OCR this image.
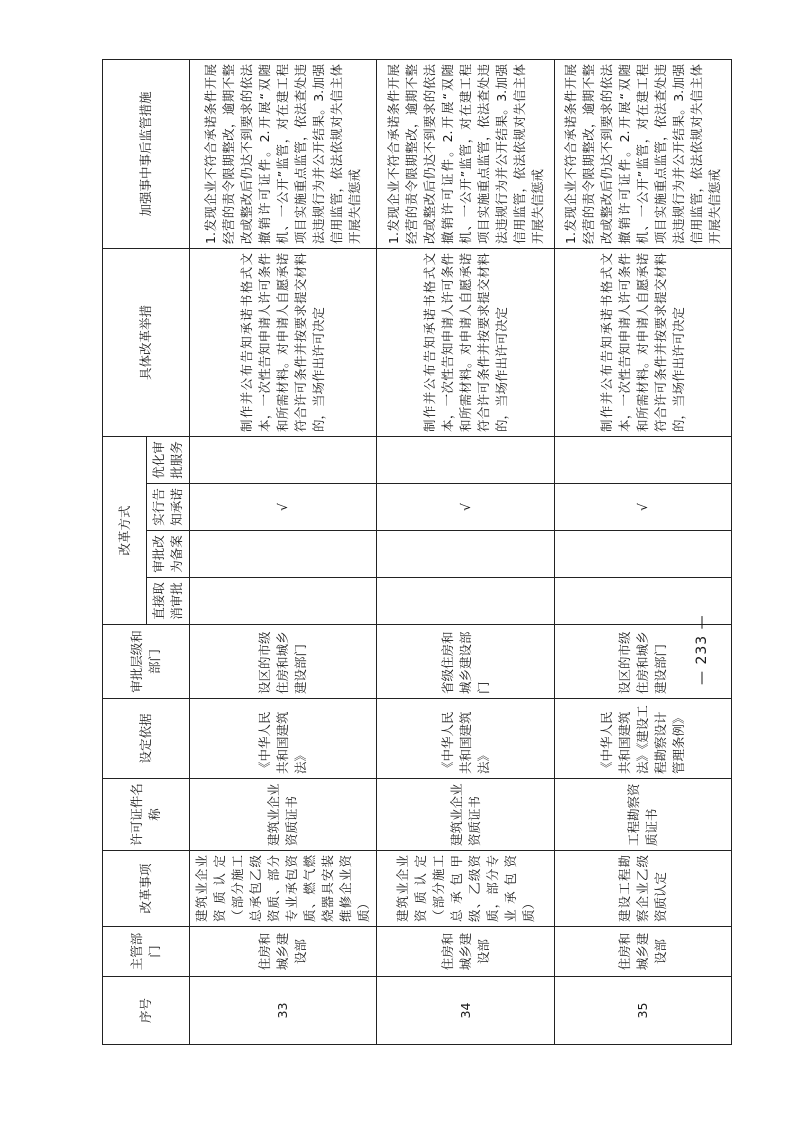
序号	主管部门	改革事项	许可证件名称	设定依据	审批层级和部门	改革方式				具体改革举措	加强事中事后监管措施
						直接取消审批	审批改为备案	实行告知承诺	优化审批服务		
33	住房和城乡建设部	建筑业企业资质认定（部分施工总承包乙级资质、部分专业承包资质、燃气燃烧器具安装维修企业资质）	建筑业企业资质证书	《中华人民共和国建筑法》	设区的市级住房和城乡建设部门			√		制作并公布告知承诺书格式文本，一次性告知申请人许可条件和所需材料。对申请人自愿承诺符合许可条件并按要求提交材料的，当场作出许可决定	1.发现企业不符合承诺条件开展经营的责令限期整改，逾期不整改或整改后仍达不到要求的依法撤销许可证件。2.开展“双随机、一公开”监管，对在建工程项目实施重点监管，依法查处违法违规行为并公开结果。3.加强信用监管，依法依规对失信主体开展失信惩戒
34	住房和城乡建设部	建筑业企业资质认定（部分施工总承包甲级、乙级资质，部分专业承包资质）	建筑业企业资质证书	《中华人民共和国建筑法》	省级住房和城乡建设部门			√		制作并公布告知承诺书格式文本，一次性告知申请人许可条件和所需材料。对申请人自愿承诺符合许可条件并按要求提交材料的，当场作出许可决定	1.发现企业不符合承诺条件开展经营的责令限期整改，逾期不整改或整改后仍达不到要求的依法撤销许可证件。2.开展“双随机、一公开”监管，对在建工程项目实施重点监管，依法查处违法违规行为并公开结果。3.加强信用监管，依法依规对失信主体开展失信惩戒
35	住房和城乡建设部	建设工程勘察企业乙级资质认定	工程勘察资质证书	《中华人民共和国建筑法》《建设工程勘察设计管理条例》	设区的市级住房和城乡建设部门			√		制作并公布告知承诺书格式文本，一次性告知申请人许可条件和所需材料。对申请人自愿承诺符合许可条件并按要求提交材料的，当场作出许可决定	1.发现企业不符合承诺条件开展经营的责令限期整改，逾期不整改或整改后仍达不到要求的依法撤销许可证件。2.开展“双随机、一公开”监管，对在建工程项目实施重点监管，依法查处违法违规行为并公开结果。3.加强信用监管，依法依规对失信主体开展失信惩戒
— 233 —
